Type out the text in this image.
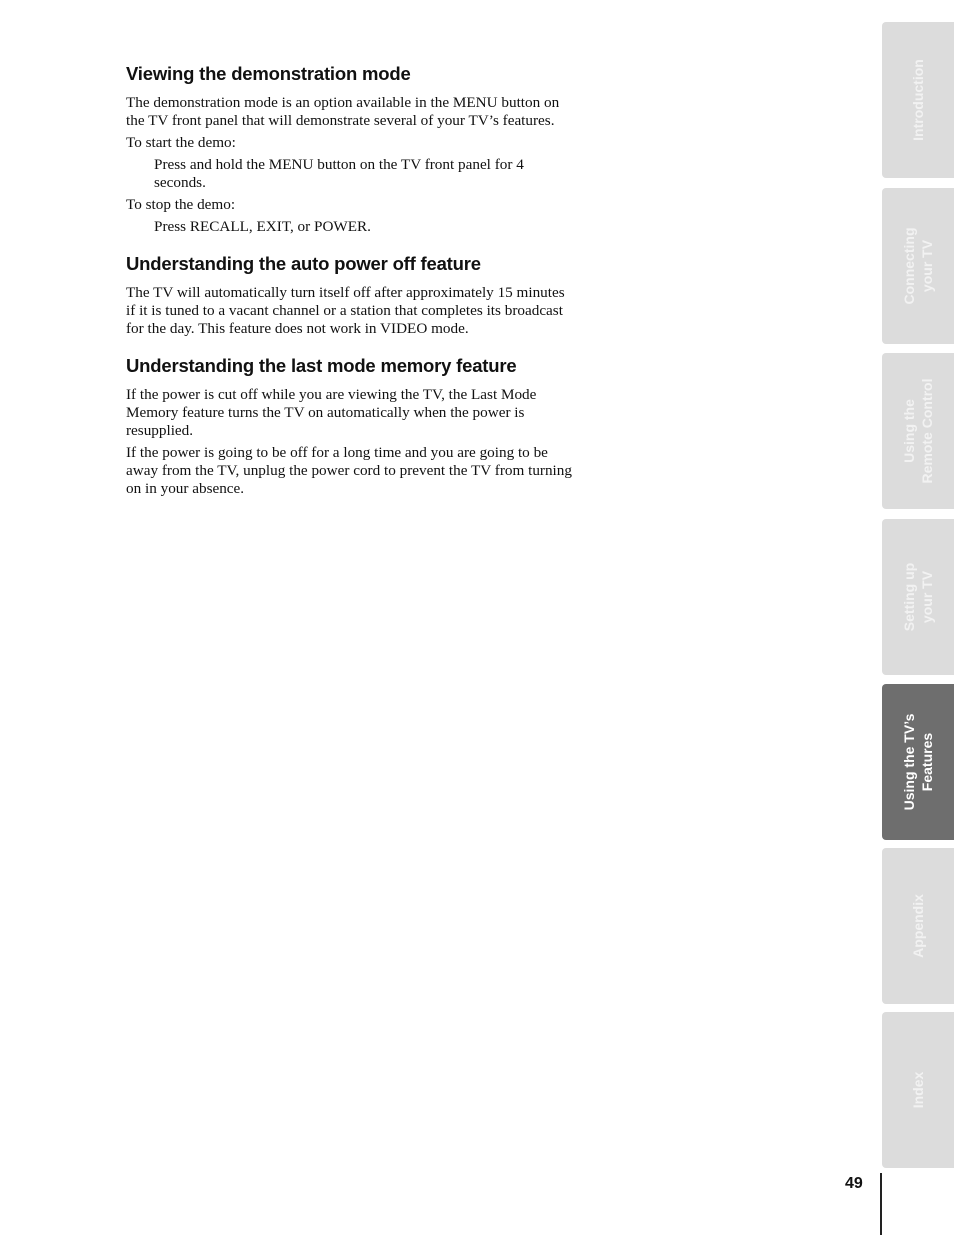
Viewing the demonstration mode

The demonstration mode is an option available in the MENU button on the TV front panel that will demonstrate several of your TV’s features.

To start the demo:

Press and hold the MENU button on the TV front panel for 4 seconds.

To stop the demo:

Press RECALL, EXIT, or POWER.

Understanding the auto power off feature

The TV will automatically turn itself off after approximately 15 minutes if it is tuned to a vacant channel or a station that completes its broadcast for the day. This feature does not work in VIDEO mode.

Understanding the last mode memory feature

If the power is cut off while you are viewing the TV, the Last Mode Memory feature turns the TV on automatically when the power is resupplied.

If the power is going to be off for a long time and you are going to be away from the TV, unplug the power cord to prevent the TV from turning on in your absence.

Introduction
Connecting
your TV
Using the
Remote Control
Setting up
your TV
Using the TV’s
Features
Appendix
Index
49
